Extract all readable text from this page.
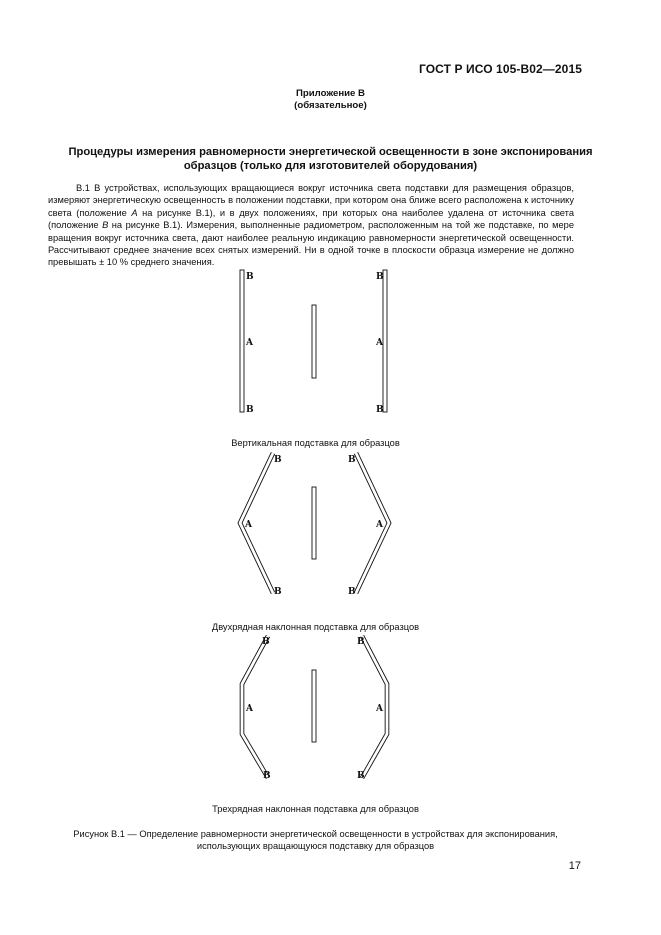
ГОСТ Р ИСО 105-В02—2015
Приложение В
(обязательное)
Процедуры измерения равномерности энергетической освещенности в зоне экспонирования
образцов (только для изготовителей оборудования)
В.1 В устройствах, использующих вращающиеся вокруг источника света подставки для размещения образцов, измеряют энергетическую освещенность в положении подставки, при котором она ближе всего расположена к источнику света (положение А на рисунке В.1), и в двух положениях, при которых она наиболее удалена от источника света (положение В на рисунке В.1). Измерения, выполненные радиометром, расположенным на той же подставке, по мере вращения вокруг источника света, дают наиболее реальную индикацию равномерности энергетической освещенности. Рассчитывают среднее значение всех снятых измерений. Ни в одной точке в плоскости образца измерение не должно превышать ± 10 % среднего значения.
B	B
A	A
B	B
B	B
A	A
B	B
B	B
A	A
B	B
Вертикальная подставка для образцов
Двухрядная наклонная подставка для образцов
Трехрядная наклонная подставка для образцов
Рисунок В.1 — Определение равномерности энергетической освещенности в устройствах для экспонирования,
использующих вращающуюся подставку для образцов
17
